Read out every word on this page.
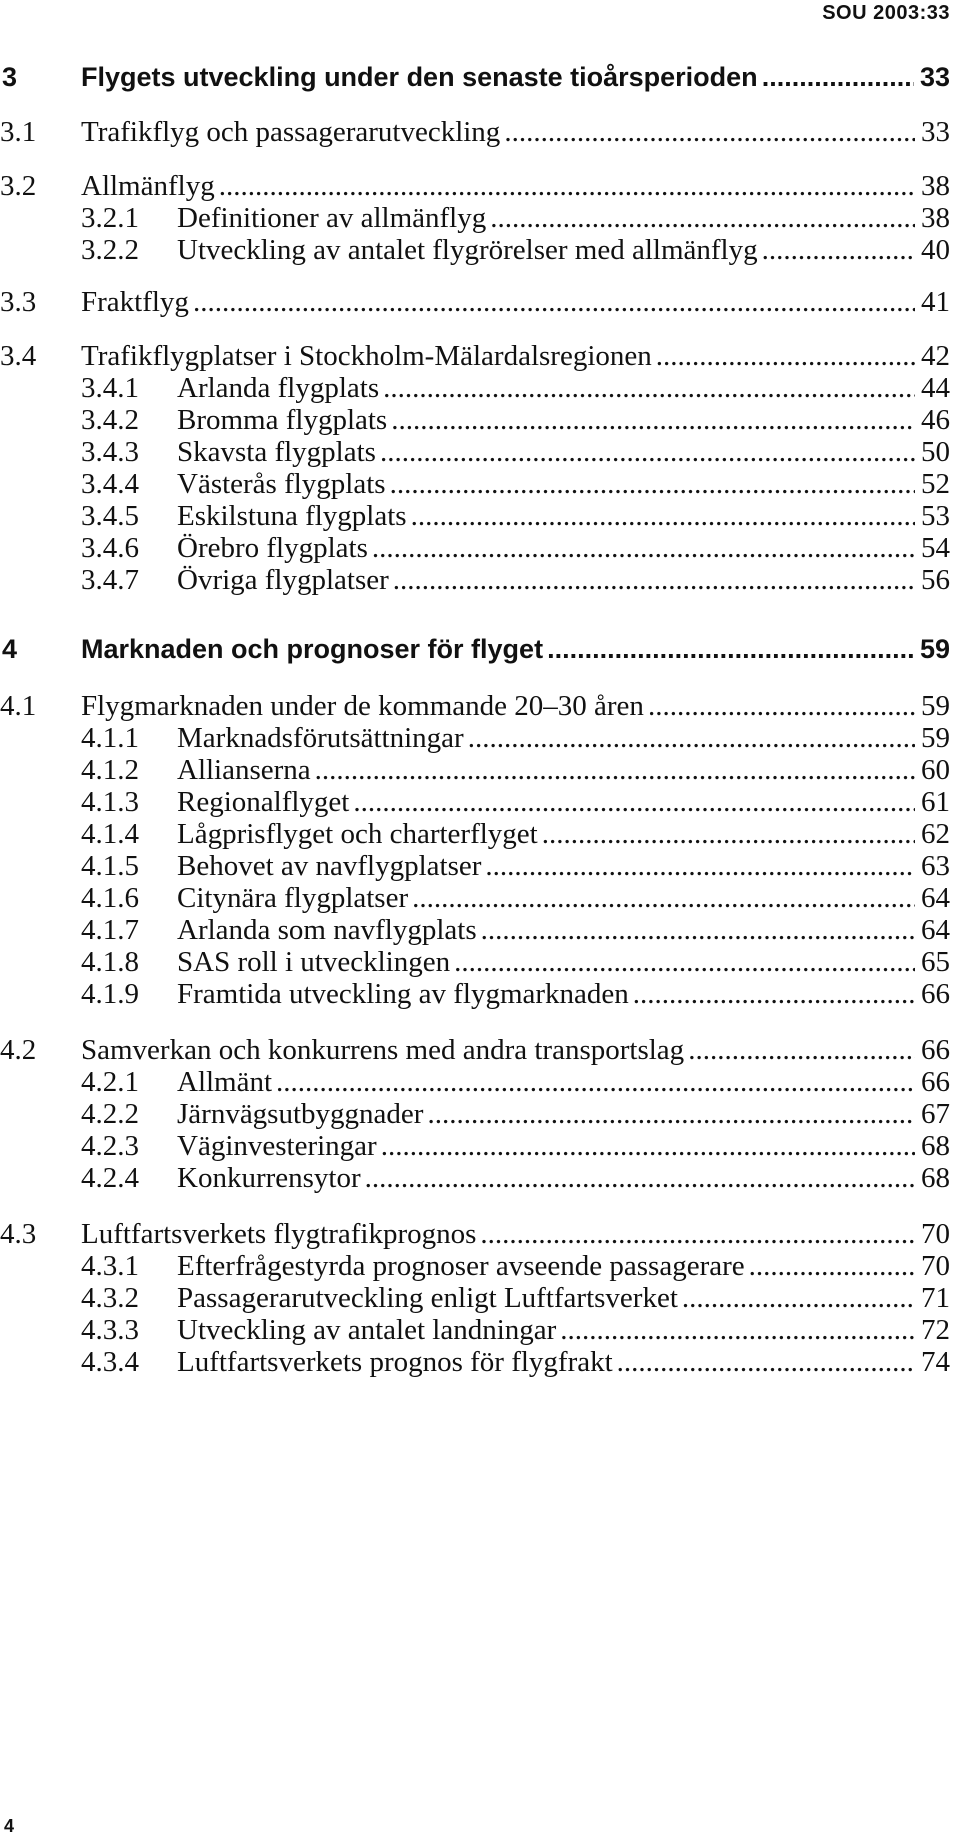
SOU 2003:33
3	Flygets utveckling under den senaste tioårsperioden .....	33
3.1	Trafikflyg och passagerarutveckling .....	33
3.2	Allmänflyg .....	38
3.2.1	Definitioner av allmänflyg .....	38
3.2.2	Utveckling av antalet flygrörelser med allmänflyg .....	40
3.3	Fraktflyg .....	41
3.4	Trafikflygplatser i Stockholm-Mälardalsregionen .....	42
3.4.1	Arlanda flygplats .....	44
3.4.2	Bromma flygplats .....	46
3.4.3	Skavsta flygplats .....	50
3.4.4	Västerås flygplats .....	52
3.4.5	Eskilstuna flygplats .....	53
3.4.6	Örebro flygplats .....	54
3.4.7	Övriga flygplatser .....	56
4	Marknaden och prognoser för flyget .....	59
4.1	Flygmarknaden under de kommande 20–30 åren .....	59
4.1.1	Marknadsförutsättningar .....	59
4.1.2	Allianserna .....	60
4.1.3	Regionalflyget .....	61
4.1.4	Lågprisflyget och charterflyget .....	62
4.1.5	Behovet av navflygplatser .....	63
4.1.6	Citynära flygplatser .....	64
4.1.7	Arlanda som navflygplats .....	64
4.1.8	SAS roll i utvecklingen .....	65
4.1.9	Framtida utveckling av flygmarknaden .....	66
4.2	Samverkan och konkurrens med andra transportslag .....	66
4.2.1	Allmänt .....	66
4.2.2	Järnvägsutbyggnader .....	67
4.2.3	Väginvesteringar .....	68
4.2.4	Konkurrensytor .....	68
4.3	Luftfartsverkets flygtrafikprognos .....	70
4.3.1	Efterfrågestyrda prognoser avseende passagerare .....	70
4.3.2	Passagerarutveckling enligt Luftfartsverket .....	71
4.3.3	Utveckling av antalet landningar .....	72
4.3.4	Luftfartsverkets prognos för flygfrakt .....	74
4
